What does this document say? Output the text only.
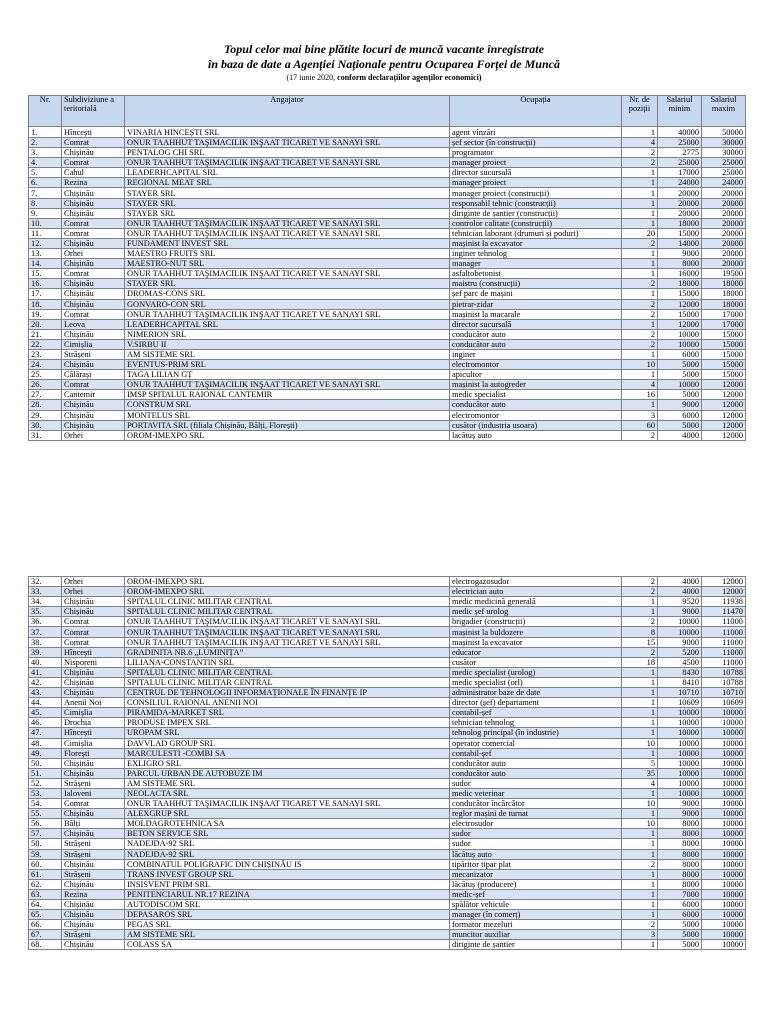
Topul celor mai bine plătite locuri de muncă vacante înregistrate
în baza de date a Agenției Naționale pentru Ocuparea Forței de Muncă
(17 iunie 2020, conform declarațiilor agenților economici)
Nr.	Subdiviziune a teritorială	Angajator	Ocupația	Nr. de poziții	Salariul minim	Salariul maxim
1.	Hîncești	VINARIA HINCEȘTI SRL	agent vînzări	1	40000	50000
2.	Comrat	ONUR TAAHHUT TAŞIMACILIK INŞAAT TICARET VE SANAYI SRL	șef sector (în construcții)	4	25000	30000
3.	Chișinău	PENTALOG CHI SRL	programator	2	2775	30000
4.	Comrat	ONUR TAAHHUT TAŞIMACILIK INŞAAT TICARET VE SANAYI SRL	manager proiect	2	25000	25000
5.	Cahul	LEADERHCAPITAL SRL	director sucursală	1	17000	25000
6.	Rezina	REGIONAL MEAT SRL	manager proiect	1	24000	24000
7.	Chișinău	STAYER SRL	manager proiect (construcții)	1	20000	20000
8.	Chișinău	STAYER SRL	responsabil tehnic (construcții)	1	20000	20000
9.	Chișinău	STAYER SRL	diriginte de șantier (construcții)	1	20000	20000
10.	Comrat	ONUR TAAHHUT TAŞIMACILIK INŞAAT TICARET VE SANAYI SRL	controlor calitate (construcții)	1	18000	20000
11.	Comrat	ONUR TAAHHUT TAŞIMACILIK INŞAAT TICARET VE SANAYI SRL	tehnician laborant (drumuri și poduri)	20	15000	20000
12.	Chișinău	FUNDAMENT INVEST SRL	mașinist la excavator	2	14000	20000
13.	Orhei	MAESTRO FRUITS SRL	inginer tehnolog	1	9000	20000
14.	Chișinău	MAESTRO-NUT SRL	manager	1	8000	20000
15.	Comrat	ONUR TAAHHUT TAŞIMACILIK INŞAAT TICARET VE SANAYI SRL	asfaltobetonist	1	16000	19500
16.	Chișinău	STAYER SRL	maistru (construcții)	2	18000	18000
17.	Chișinău	DROMAS-CONS SRL	șef parc de mașini	1	15000	18000
18.	Chișinău	GONVARO-CON SRL	pietrar-zidar	2	12000	18000
19.	Comrat	ONUR TAAHHUT TAŞIMACILIK INŞAAT TICARET VE SANAYI SRL	mașinist la macarale	2	15000	17000
20.	Leova	LEADERHCAPITAL SRL	director sucursală	1	12000	17000
21.	Chișinău	NIMERION SRL	conducător auto	2	10000	15000
22.	Cimișlia	V.SIRBU II	conducător auto	2	10000	15000
23.	Strășeni	AM SISTEME SRL	inginer	1	6000	15000
24.	Chișinău	EVENTUS-PRIM SRL	electromontor	10	5000	15000
25.	Călărași	TAGA LILIAN GȚ	apicultor	1	5000	15000
26.	Comrat	ONUR TAAHHUT TAŞIMACILIK INŞAAT TICARET VE SANAYI SRL	mașinist la autogreder	4	10000	12000
27.	Cantemir	IMSP SPITALUL RAIONAL CANTEMIR	medic specialist	16	5000	12000
28.	Chișinău	CONSTRUM SRL	conducător auto	1	9000	12000
29.	Chișinău	MONTELUS SRL	electromontor	3	6000	12000
30.	Chișinău	PORTAVITA SRL (filiala Chișinău, Bălți, Florești)	cusător (industria usoara)	60	5000	12000
31.	Orhei	OROM-IMEXPO SRL	lacătuș auto	2	4000	12000
32.	Orhei	OROM-IMEXPO SRL	electrogazosudor	2	4000	12000
33.	Orhei	OROM-IMEXPO SRL	electrician auto	2	4000	12000
34.	Chișinău	SPITALUL CLINIC MILITAR CENTRAL	medic medicină generală	1	9520	11938
35.	Chișinău	SPITALUL CLINIC MILITAR CENTRAL	medic șef urolog	1	9000	11470
36.	Comrat	ONUR TAAHHUT TAŞIMACILIK INŞAAT TICARET VE SANAYI SRL	brigadier (construcții)	2	10000	11000
37.	Comrat	ONUR TAAHHUT TAŞIMACILIK INŞAAT TICARET VE SANAYI SRL	mașinist la buldozere	8	10000	11000
38.	Comrat	ONUR TAAHHUT TAŞIMACILIK INŞAAT TICARET VE SANAYI SRL	mașinist la excavator	15	9000	11000
39.	Hîncești	GRADINITA NR.6 „LUMINIȚA”	educator	2	5200	11000
40.	Nisporeni	LILIANA-CONSTANTIN SRL	cusător	18	4500	11000
41.	Chișinău	SPITALUL CLINIC MILITAR CENTRAL	medic specialist (urolog)	1	8430	10788
42.	Chișinău	SPITALUL CLINIC MILITAR CENTRAL	medic specialist (orl)	1	8410	10788
43.	Chișinău	CENTRUL DE TEHNOLOGII INFORMAȚIONALE ÎN FINANȚE IP	administrator baze de date	1	10710	10710
44.	Anenii Noi	CONSILIUL RAIONAL ANENII NOI	director (șef) departament	1	10609	10609
45.	Cimișlia	PIRAMIDA-MARKET SRL	contabil-șef	1	10000	10000
46.	Drochia	PRODUSE IMPEX SRL	tehnician tehnolog	1	10000	10000
47.	Hîncești	UROPAM SRL	tehnolog principal (în industrie)	1	10000	10000
48.	Cimișlia	DAVVLAD GROUP SRL	operator comercial	10	10000	10000
49.	Florești	MARCULESTI -COMBI SA	contabil-șef	1	10000	10000
50.	Chișinău	EXLIGRO SRL	conducător auto	5	10000	10000
51.	Chișinău	PARCUL URBAN DE AUTOBUZE IM	conducător auto	35	10000	10000
52.	Strășeni	AM SISTEME SRL	sudor	4	10000	10000
53.	Ialoveni	NEOLACTA SRL	medic veterinar	1	10000	10000
54.	Comrat	ONUR TAAHHUT TAŞIMACILIK INŞAAT TICARET VE SANAYI SRL	conducător încărcător	10	9000	10000
55.	Chișinău	ALEXGRUP SRL	reglor mașini de turnat	1	9000	10000
56.	Bălți	MOLDAGROTEHNICA SA	electrosudor	10	8000	10000
57.	Chișinău	BETON SERVICE SRL	sudor	1	8000	10000
58.	Strășeni	NADEJDA-92 SRL	sudor	1	8000	10000
59.	Strășeni	NADEJDA-92 SRL	lăcătuș auto	1	8000	10000
60.	Chișinău	COMBINATUL POLIGRAFIC DIN CHIȘINĂU IS	tipăritor tipar plat	2	8000	10000
61.	Strășeni	TRANS INVEST GROUP SRL	mecanizator	1	8000	10000
62.	Chișinău	INSISVENT PRIM SRL	lăcătuș (producere)	1	8000	10000
63.	Rezina	PENITENCIARUL NR.17 REZINA	medic-șef	1	7000	10000
64.	Chișinău	AUTODISCOM SRL	spălător vehicule	1	6000	10000
65.	Chișinău	DEPASAROS SRL	manager (în comerț)	1	6000	10000
66.	Chișinău	PEGAS SRL	formator mezeluri	2	5000	10000
67.	Strășeni	AM SISTEME SRL	muncitor auxiliar	3	5000	10000
68.	Chișinău	COLASS SA	diriginte de șantier	1	5000	10000
